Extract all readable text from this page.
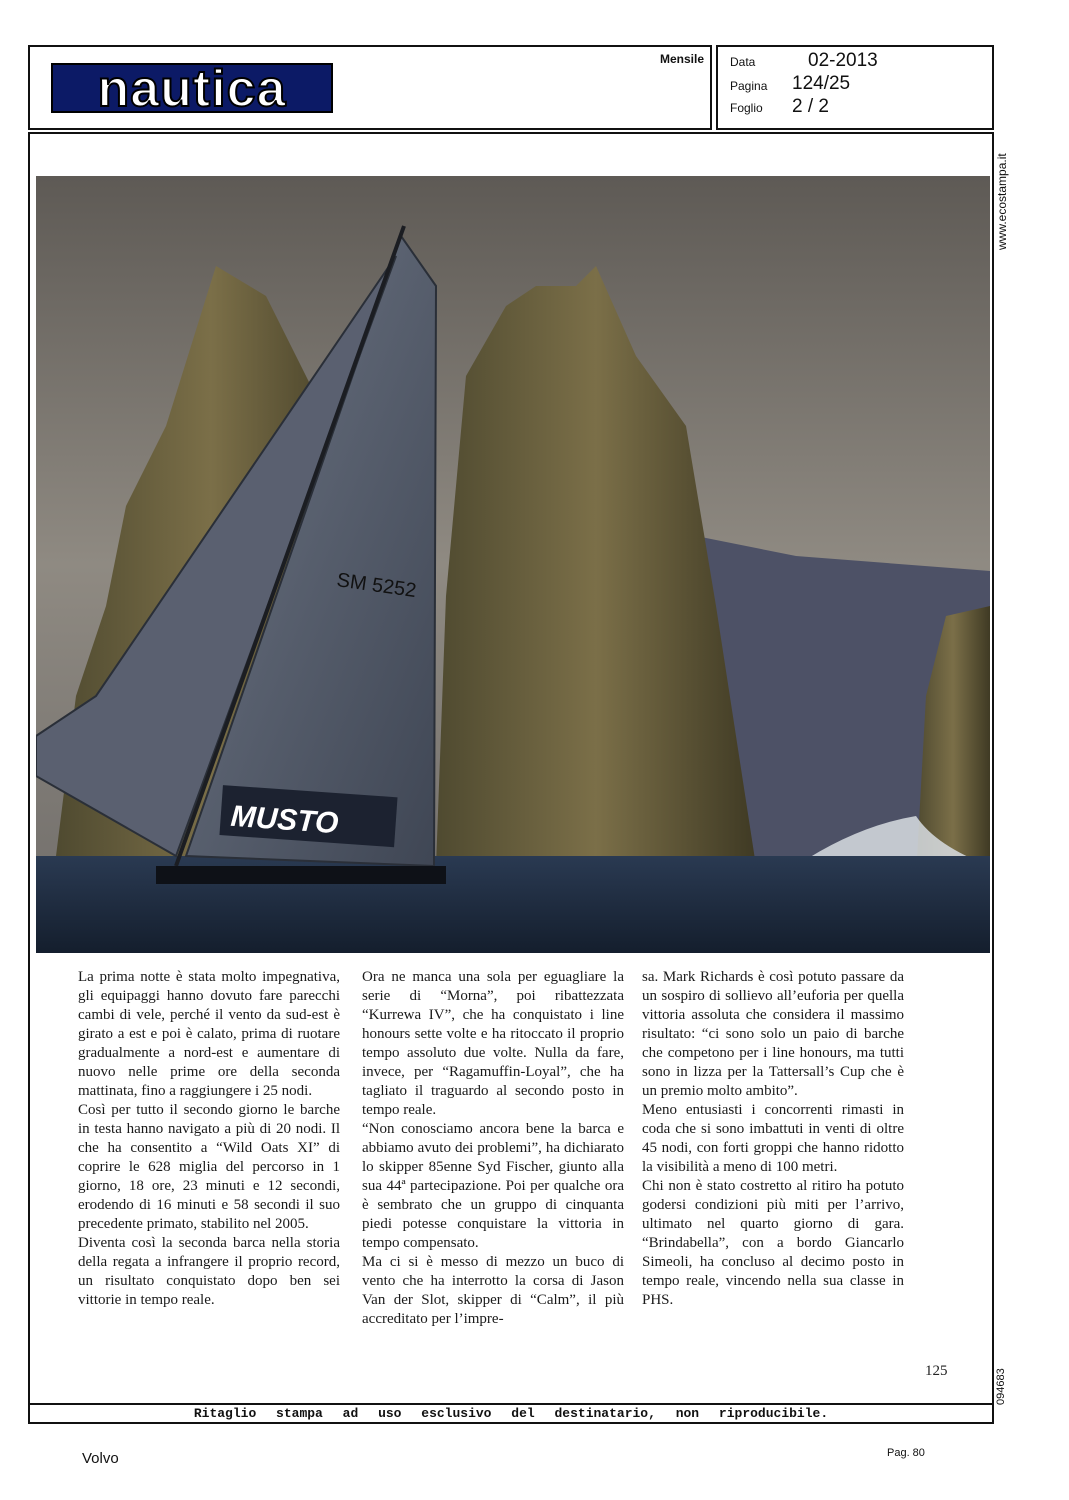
nautica
Mensile Data	02-2013
Pagina 124/25
Foglio 2 / 2
www.ecostampa.it
094683
SM 5252
MUSTO

La prima notte è stata molto impegnativa, gli equipaggi hanno dovuto fare parecchi cambi di vele, perché il vento da sud-est è girato a est e poi è calato, prima di ruotare gradualmente a nord-est e aumentare di nuovo nelle prime ore della seconda mattinata, fino a raggiungere i 25 nodi.

Così per tutto il secondo giorno le barche in testa hanno navigato a più di 20 nodi. Il che ha consentito a “Wild Oats XI” di coprire le 628 miglia del percorso in 1 giorno, 18 ore, 23 minuti e 12 secondi, erodendo di 16 minuti e 58 secondi il suo precedente primato, stabilito nel 2005.

Diventa così la seconda barca nella storia della regata a infrangere il proprio record, un risultato conquistato dopo ben sei vittorie in tempo reale.

Ora ne manca una sola per eguagliare la serie di “Morna”, poi ribattezzata “Kurrewa IV”, che ha conquistato i line honours sette volte e ha ritoccato il proprio tempo assoluto due volte. Nulla da fare, invece, per “Ragamuffin-Loyal”, che ha tagliato il traguardo al secondo posto in tempo reale.

“Non conosciamo ancora bene la barca e abbiamo avuto dei problemi”, ha dichiarato lo skipper 85enne Syd Fischer, giunto alla sua 44ª partecipazione. Poi per qualche ora è sembrato che un gruppo di cinquanta piedi potesse conquistare la vittoria in tempo compensato.

Ma ci si è messo di mezzo un buco di vento che ha interrotto la corsa di Jason Van der Slot, skipper di “Calm”, il più accreditato per l’impre-

sa. Mark Richards è così potuto passare da un sospiro di sollievo all’euforia per quella vittoria assoluta che considera il massimo risultato: “ci sono solo un paio di barche che competono per i line honours, ma tutti sono in lizza per la Tattersall’s Cup che è un premio molto ambito”.

Meno entusiasti i concorrenti rimasti in coda che si sono imbattuti in venti di oltre 45 nodi, con forti groppi che hanno ridotto la visibilità a meno di 100 metri.

Chi non è stato costretto al ritiro ha potuto godersi condizioni più miti per l’arrivo, ultimato nel quarto giorno di gara. “Brindabella”, con a bordo Giancarlo Simeoli, ha concluso al decimo posto in tempo reale, vincendo nella sua classe in PHS.

125
Ritaglio stampa ad uso esclusivo del destinatario, non riproducibile.
Volvo	Pag. 80
